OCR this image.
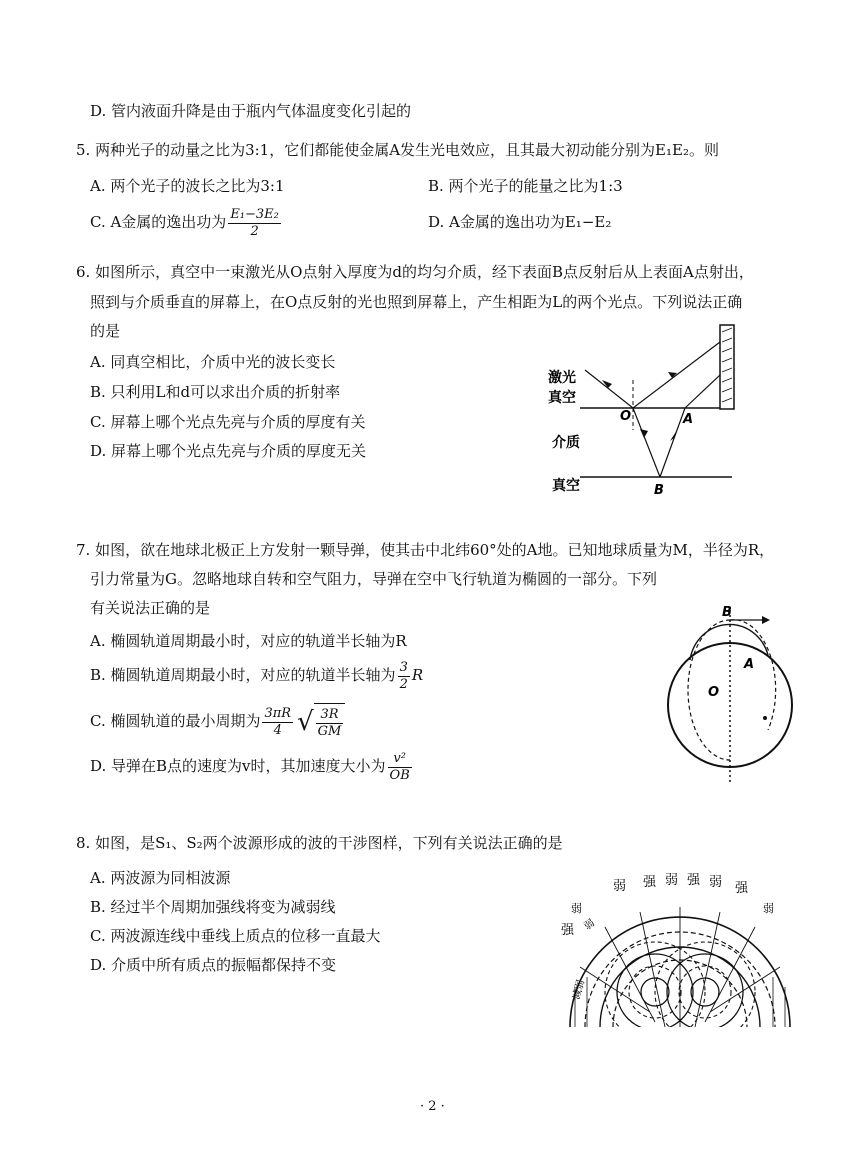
D. 管内液面升降是由于瓶内气体温度变化引起的
5. 两种光子的动量之比为3:1，它们都能使金属A发生光电效应，且其最大初动能分别为E₁E₂。则
A. 两个光子的波长之比为3:1	B. 两个光子的能量之比为1:3
C. A金属的逸出功为 $\frac{\text{E₁−3E₂}}{2}$	D. A金属的逸出功为E₁−E₂
6. 如图所示，真空中一束激光从O点射入厚度为d的均匀介质，经下表面B点反射后从上表面A点射出，
照到与介质垂直的屏幕上，在O点反射的光也照到屏幕上，产生相距为L的两个光点。下列说法正确
的是
A. 同真空相比，介质中光的波长变长
B. 只利用L和d可以求出介质的折射率
C. 屏幕上哪个光点先亮与介质的厚度有关
D. 屏幕上哪个光点先亮与介质的厚度无关
激光
真空
介质
真空
O	A
B
7. 如图，欲在地球北极正上方发射一颗导弹，使其击中北纬60°处的A地。已知地球质量为M，半径为R，
引力常量为G。忽略地球自转和空气阻力，导弹在空中飞行轨道为椭圆的一部分。下列
有关说法正确的是
A. 椭圆轨道周期最小时，对应的轨道半长轴为R
B. 椭圆轨道周期最小时，对应的轨道半长轴为 $\frac{3}{2}$ R
C. 椭圆轨道的最小周期为 $\frac{3\pi R}{4}$ √ $\frac{3R}{GM}$
D. 导弹在B点的速度为v时，其加速度大小为 $\frac{\text{v²}}{OB}$
B
A
O
8. 如图，是S₁、S₂两个波源形成的波的干涉图样，下列有关说法正确的是
A. 两波源为同相波源
B. 经过半个周期加强线将变为减弱线
C. 两波源连线中垂线上质点的位移一直最大
D. 介质中所有质点的振幅都保持不变
弱 强 弱 强 弱 强
强
弱	弱
弱
减弱
· 2 ·
